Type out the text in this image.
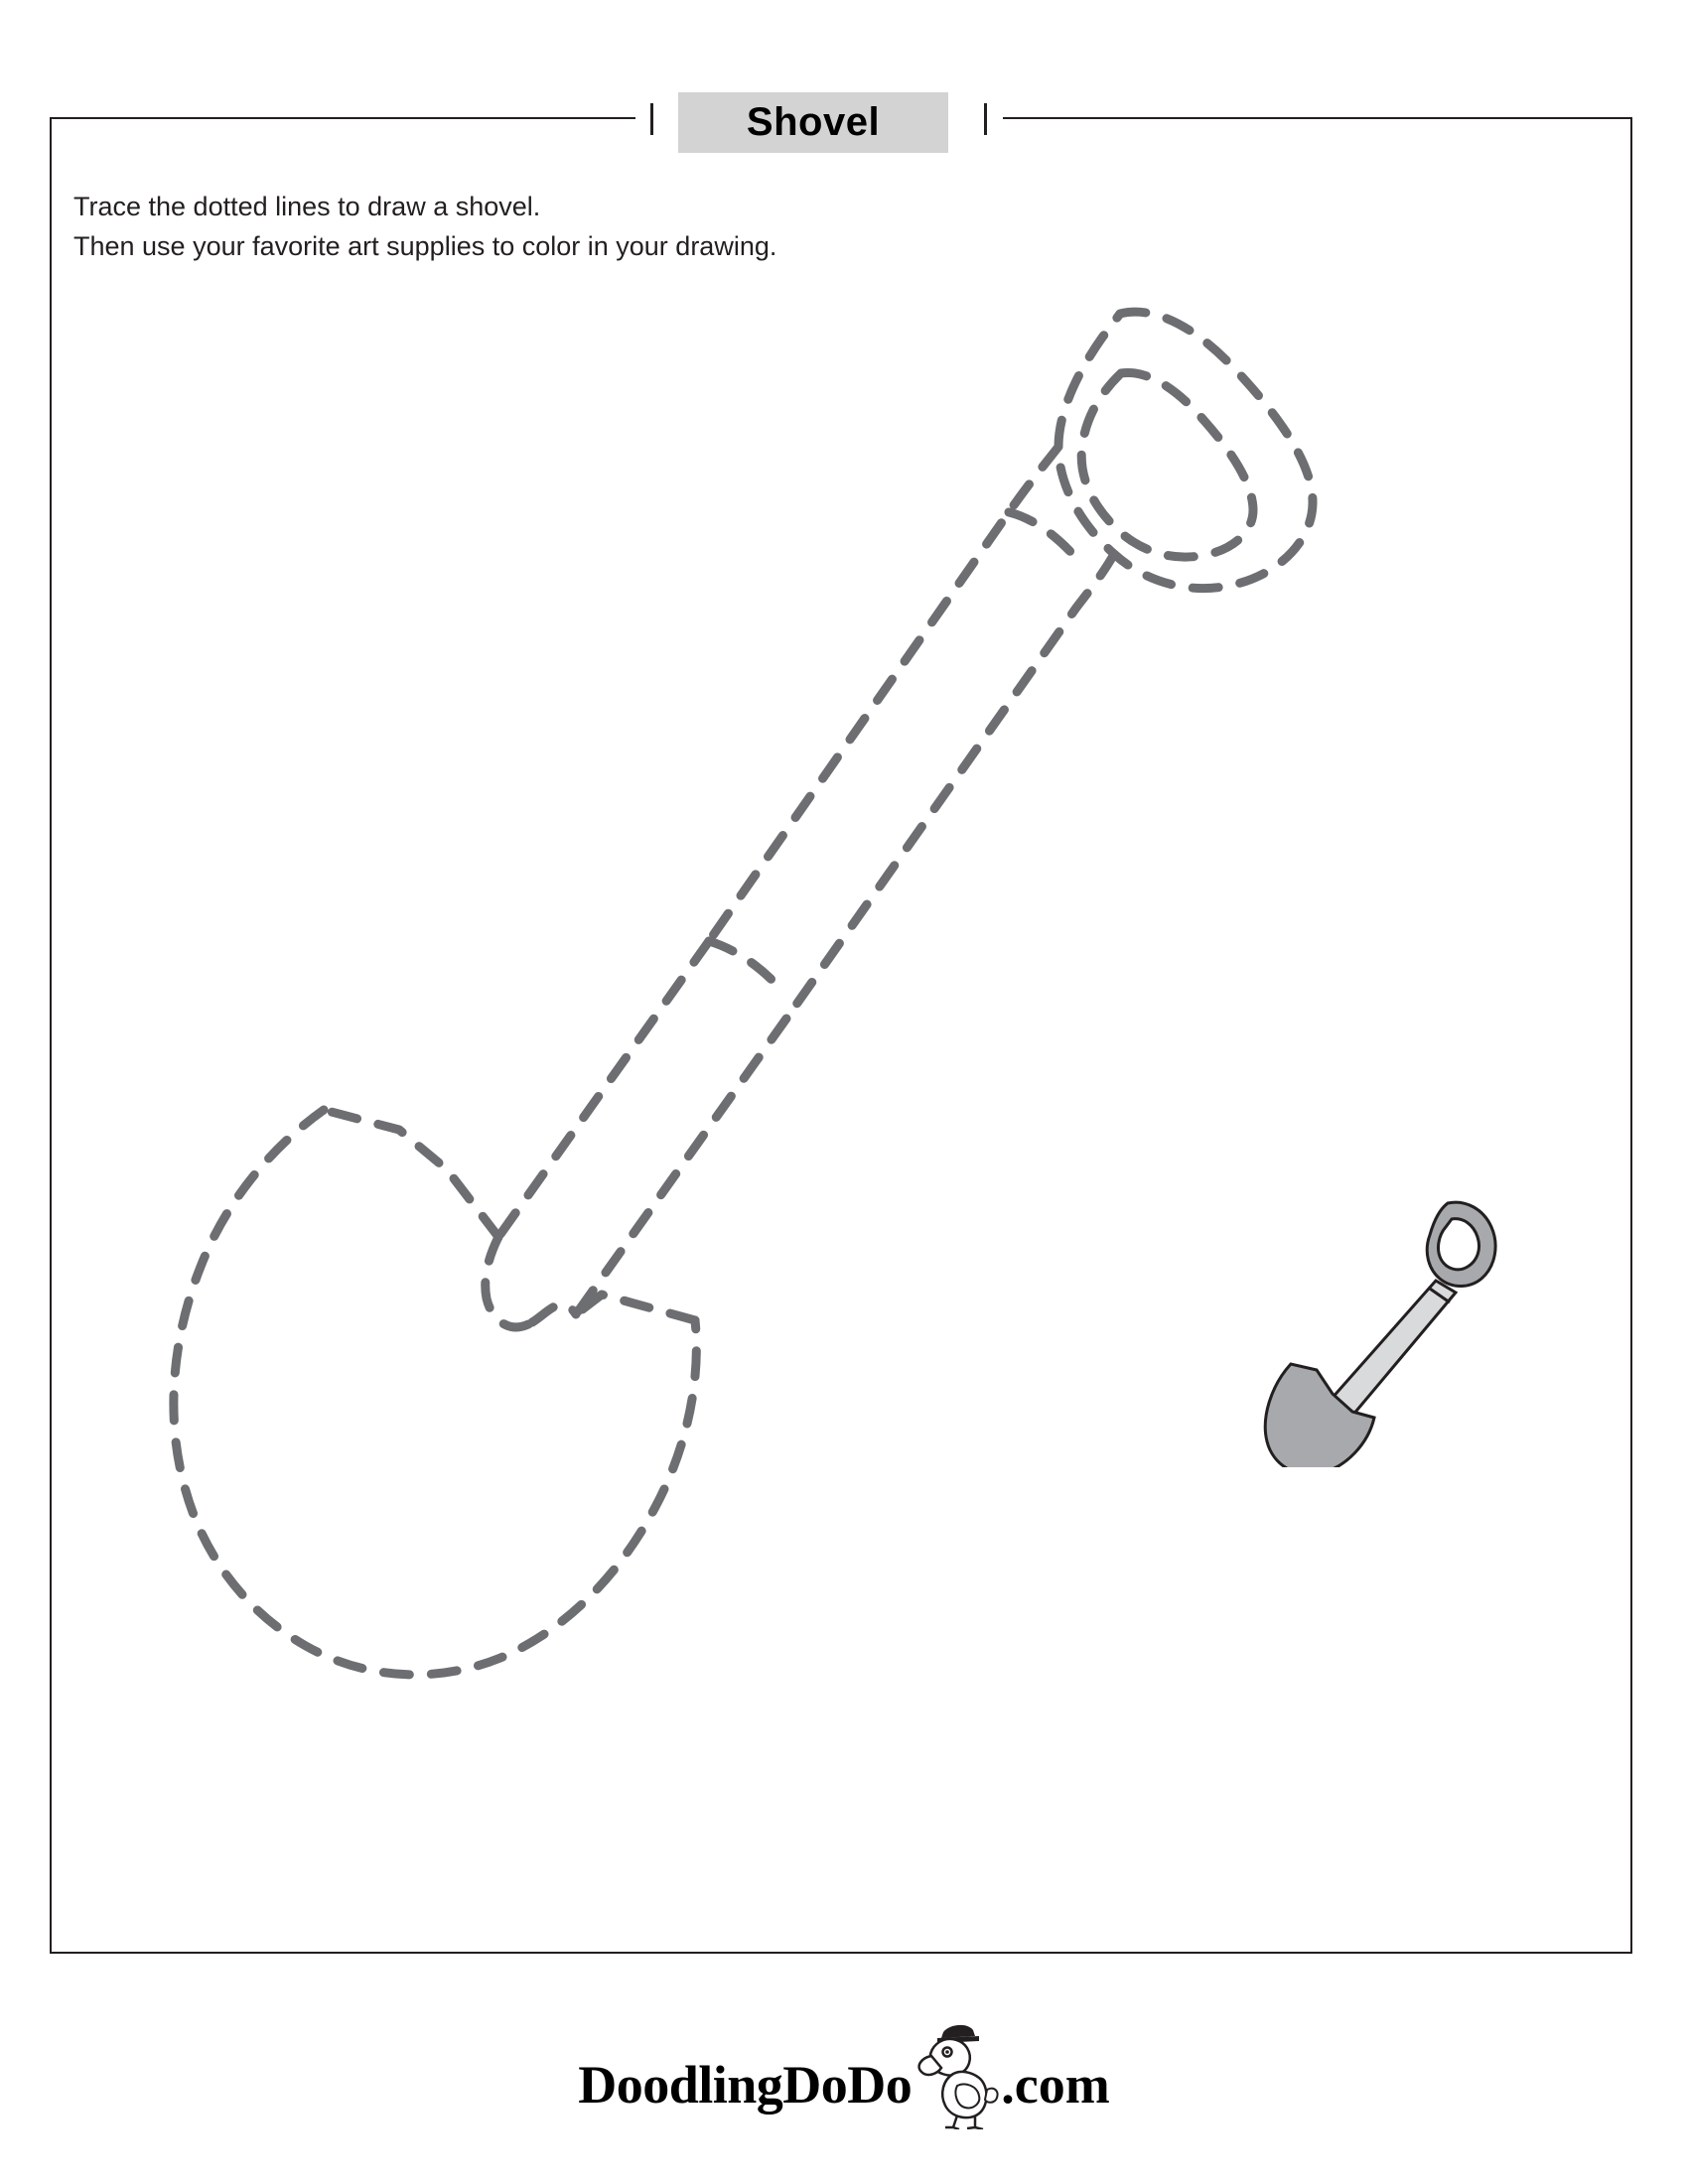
Shovel
Trace the dotted lines to draw a shovel.
Then use your favorite art supplies to color in your drawing.
DoodlingDoDo .com
